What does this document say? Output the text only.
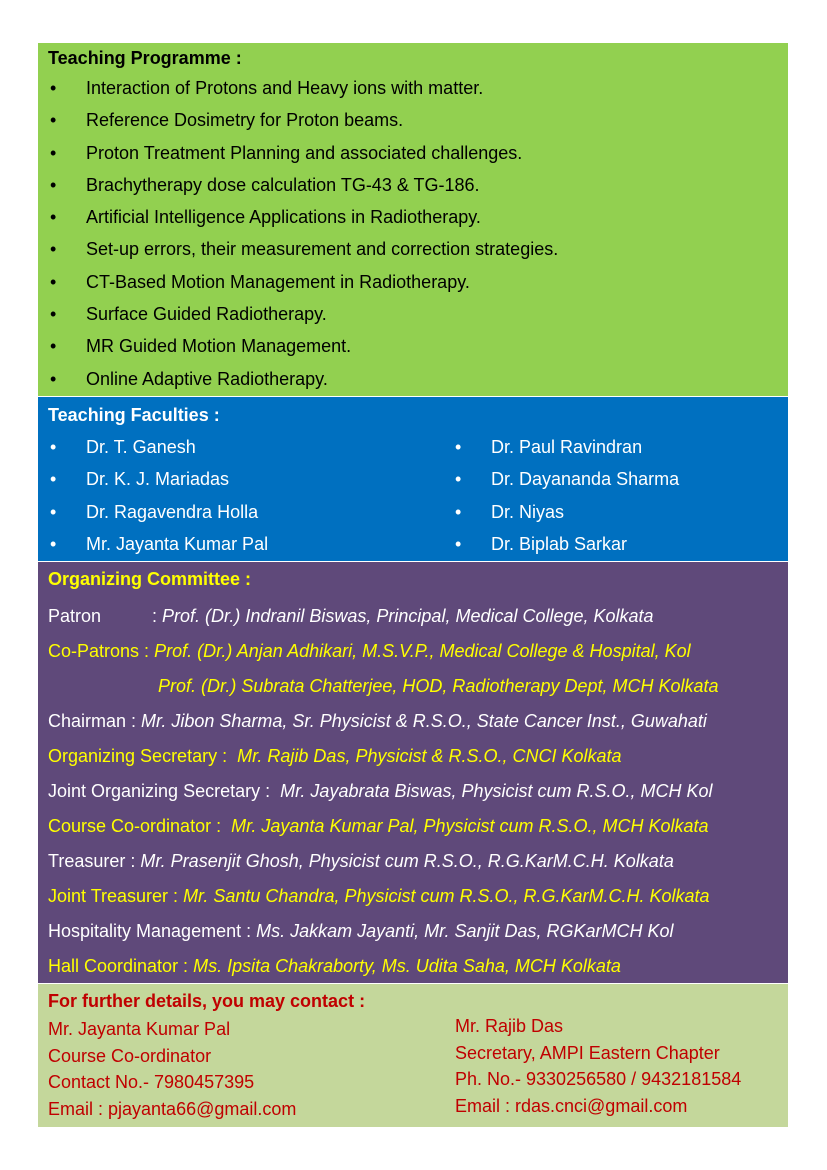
Teaching Programme :
• Interaction of Protons and Heavy ions with matter.
• Reference Dosimetry for Proton beams.
• Proton Treatment Planning and associated challenges.
• Brachytherapy dose calculation TG-43 & TG-186.
• Artificial Intelligence Applications in Radiotherapy.
• Set-up errors, their measurement and correction strategies.
• CT-Based Motion Management in Radiotherapy.
• Surface Guided Radiotherapy.
• MR Guided Motion Management.
• Online Adaptive Radiotherapy.
Teaching Faculties :
• Dr. T. Ganesh
• Dr. K. J. Mariadas
• Dr. Ragavendra Holla
• Mr. Jayanta Kumar Pal
• Dr. Paul Ravindran
• Dr. Dayananda Sharma
• Dr. Niyas
• Dr. Biplab Sarkar
Organizing Committee :
Patron	: Prof. (Dr.) Indranil Biswas, Principal, Medical College, Kolkata
Co-Patrons : Prof. (Dr.) Anjan Adhikari, M.S.V.P., Medical College & Hospital, Kol
Prof. (Dr.) Subrata Chatterjee, HOD, Radiotherapy Dept, MCH Kolkata
Chairman : Mr. Jibon Sharma, Sr. Physicist & R.S.O., State Cancer Inst., Guwahati
Organizing Secretary :  Mr. Rajib Das, Physicist & R.S.O., CNCI Kolkata
Joint Organizing Secretary :  Mr. Jayabrata Biswas, Physicist cum R.S.O., MCH Kol
Course Co-ordinator :  Mr. Jayanta Kumar Pal, Physicist cum R.S.O., MCH Kolkata
Treasurer : Mr. Prasenjit Ghosh, Physicist cum R.S.O., R.G.KarM.C.H. Kolkata
Joint Treasurer : Mr. Santu Chandra, Physicist cum R.S.O., R.G.KarM.C.H. Kolkata
Hospitality Management : Ms. Jakkam Jayanti, Mr. Sanjit Das, RGKarMCH Kol
Hall Coordinator : Ms. Ipsita Chakraborty, Ms. Udita Saha, MCH Kolkata
For further details, you may contact :
Mr. Jayanta Kumar Pal
Course Co-ordinator
Contact No.- 7980457395
Email : pjayanta66@gmail.com
Mr. Rajib Das
Secretary, AMPI Eastern Chapter
Ph. No.- 9330256580 / 9432181584
Email : rdas.cnci@gmail.com
